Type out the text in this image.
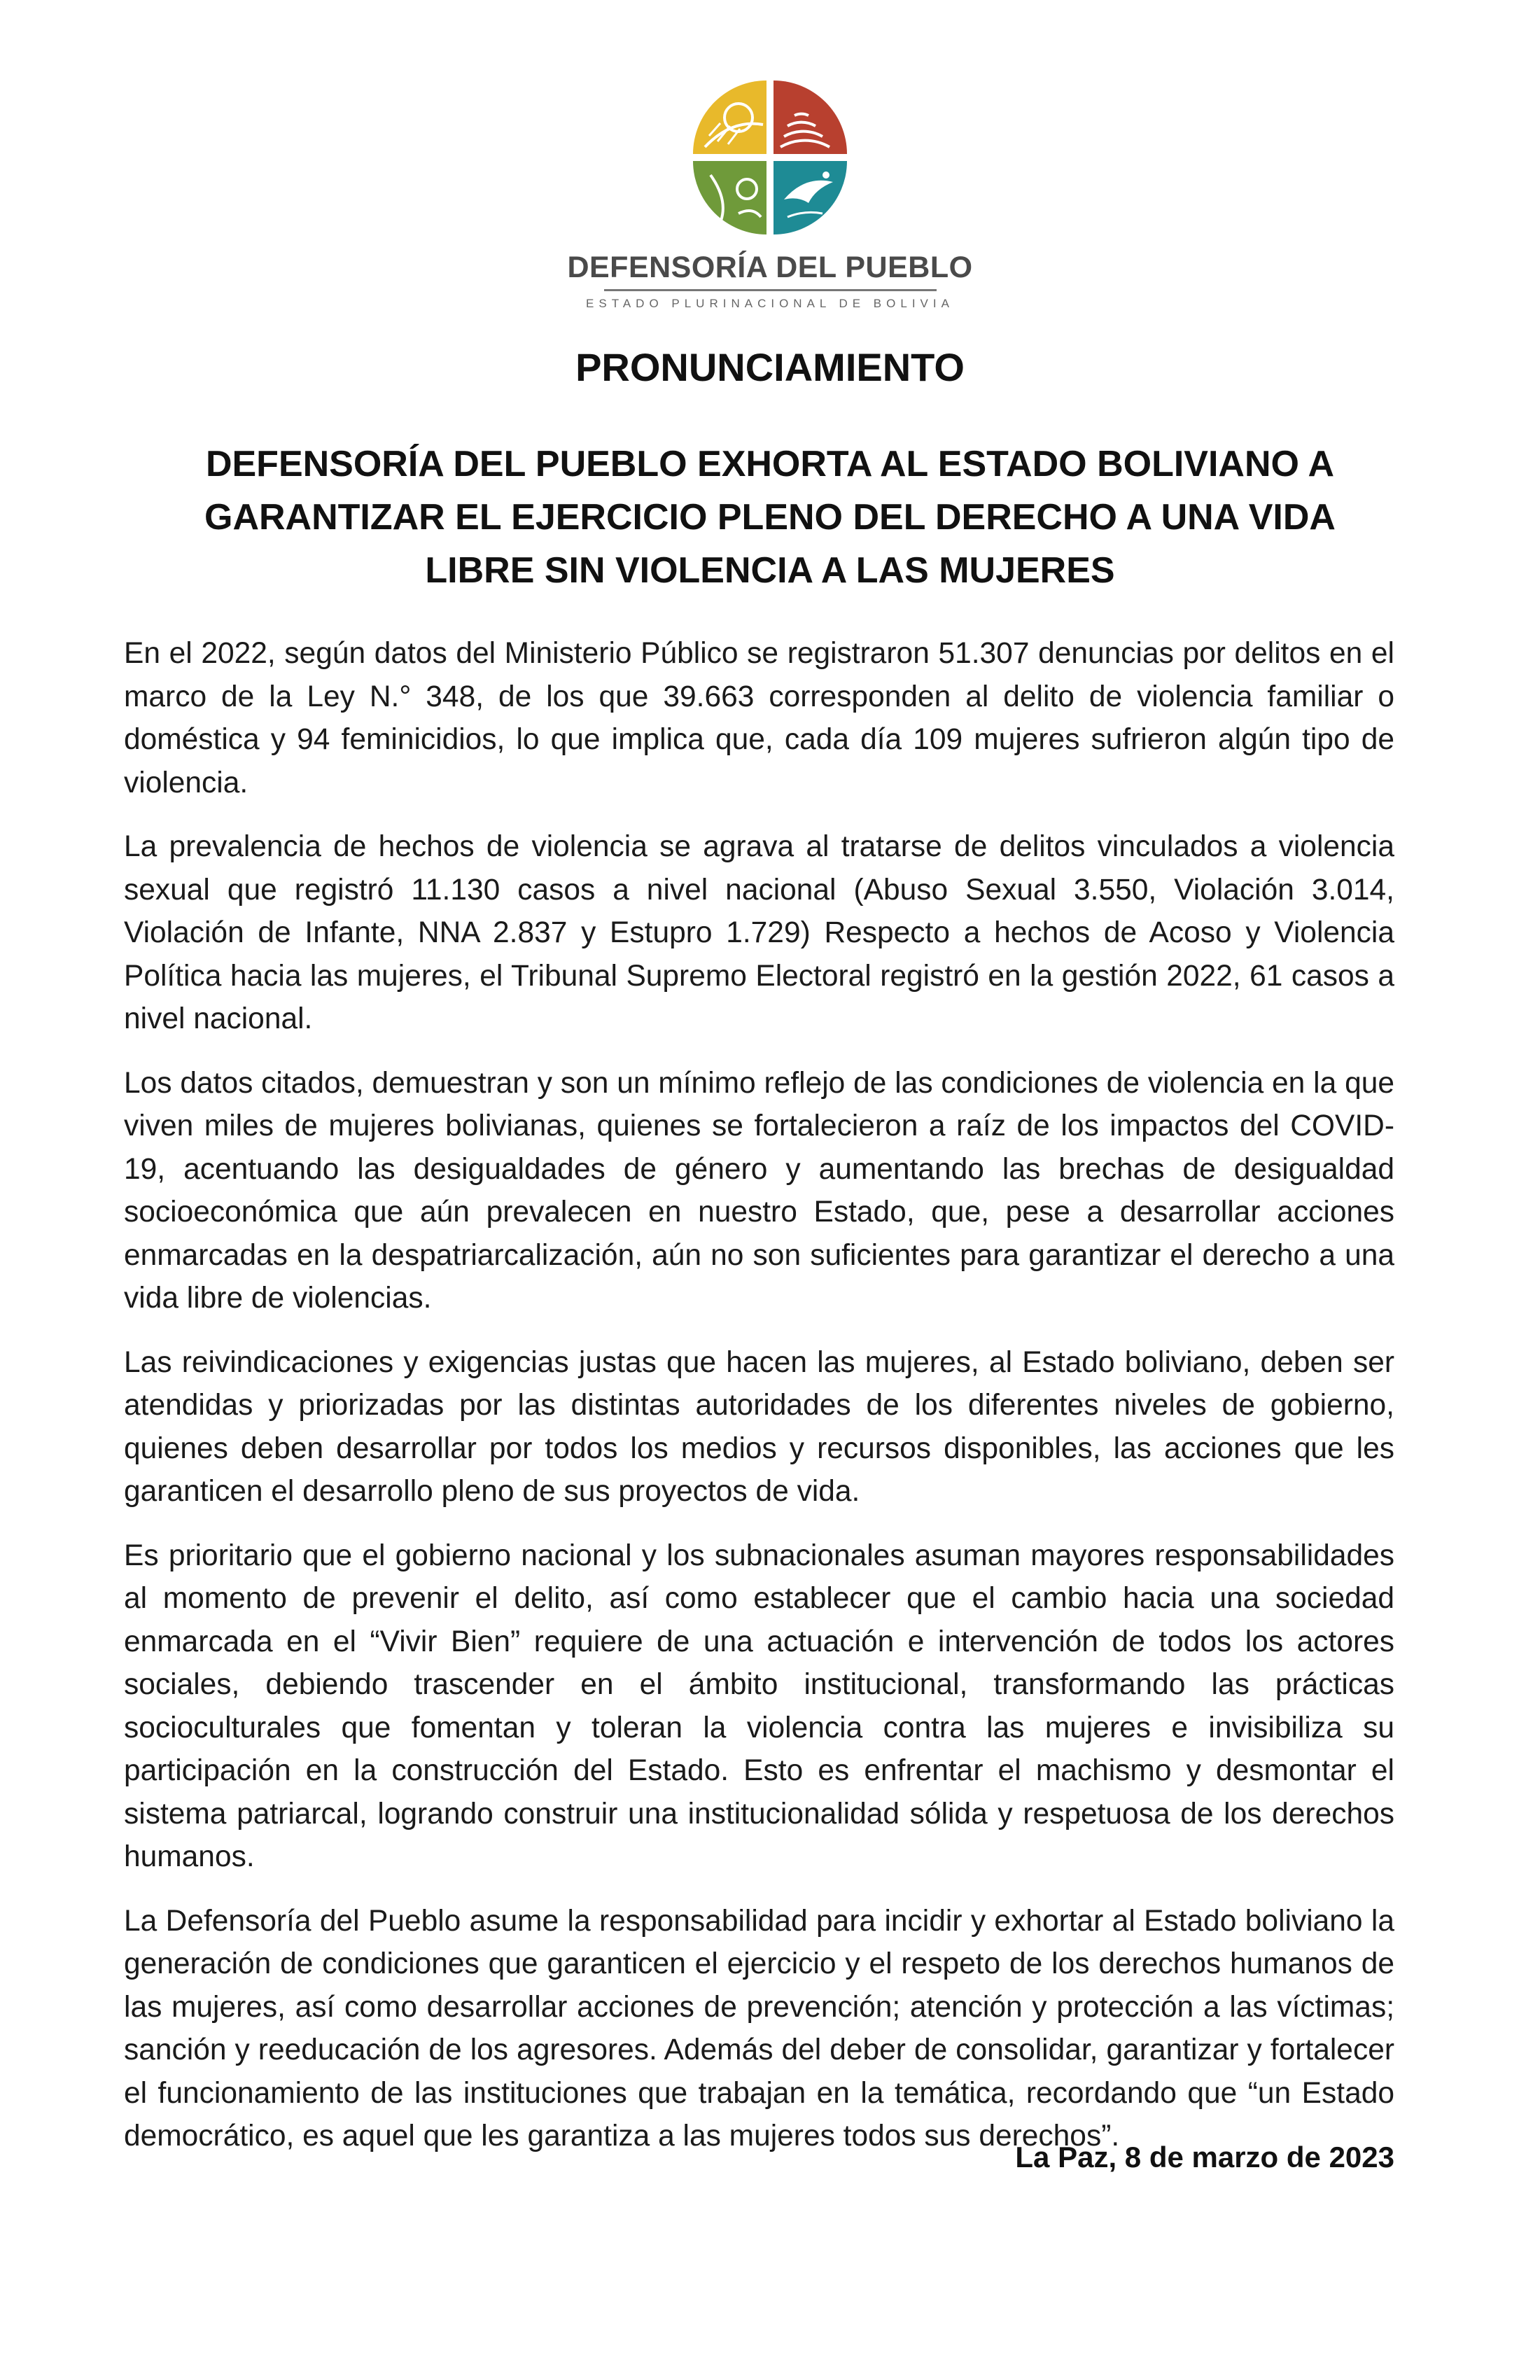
DEFENSORÍA DEL PUEBLO
ESTADO PLURINACIONAL DE BOLIVIA
PRONUNCIAMIENTO
DEFENSORÍA DEL PUEBLO EXHORTA AL ESTADO BOLIVIANO A GARANTIZAR EL EJERCICIO PLENO DEL DERECHO A UNA VIDA LIBRE SIN VIOLENCIA A LAS MUJERES

En el 2022, según datos del Ministerio Público se registraron 51.307 denuncias por delitos en el marco de la Ley N.° 348, de los que 39.663 corresponden al delito de violencia familiar o doméstica y 94 feminicidios, lo que implica que, cada día 109 mujeres sufrieron algún tipo de violencia.

La prevalencia de hechos de violencia se agrava al tratarse de delitos vinculados a violencia sexual que registró 11.130 casos a nivel nacional (Abuso Sexual 3.550, Violación 3.014, Violación de Infante, NNA 2.837 y Estupro 1.729) Respecto a hechos de Acoso y Violencia Política hacia las mujeres, el Tribunal Supremo Electoral registró en la gestión 2022, 61 casos a nivel nacional.

Los datos citados, demuestran y son un mínimo reflejo de las condiciones de violencia en la que viven miles de mujeres bolivianas, quienes se fortalecieron a raíz de los impactos del COVID-19, acentuando las desigualdades de género y aumentando las brechas de desigualdad socioeconómica que aún prevalecen en nuestro Estado, que, pese a desarrollar acciones enmarcadas en la despatriarcalización, aún no son suficientes para garantizar el derecho a una vida libre de violencias.

Las reivindicaciones y exigencias justas que hacen las mujeres, al Estado boliviano, deben ser atendidas y priorizadas por las distintas autoridades de los diferentes niveles de gobierno, quienes deben desarrollar por todos los medios y recursos disponibles, las acciones que les garanticen el desarrollo pleno de sus proyectos de vida.

Es prioritario que el gobierno nacional y los subnacionales asuman mayores responsabilidades al momento de prevenir el delito, así como establecer que el cambio hacia una sociedad enmarcada en el “Vivir Bien” requiere de una actuación e intervención de todos los actores sociales, debiendo trascender en el ámbito institucional, transformando las prácticas socioculturales que fomentan y toleran la violencia contra las mujeres e invisibiliza su participación en la construcción del Estado. Esto es enfrentar el machismo y desmontar el sistema patriarcal, logrando construir una institucionalidad sólida y respetuosa de los derechos humanos.

La Defensoría del Pueblo asume la responsabilidad para incidir y exhortar al Estado boliviano la generación de condiciones que garanticen el ejercicio y el respeto de los derechos humanos de las mujeres, así como desarrollar acciones de prevención; atención y protección a las víctimas; sanción y reeducación de los agresores. Además del deber de consolidar, garantizar y fortalecer el funcionamiento de las instituciones que trabajan en la temática, recordando que “un Estado democrático, es aquel que les garantiza a las mujeres todos sus derechos”.

La Paz, 8 de marzo de 2023
